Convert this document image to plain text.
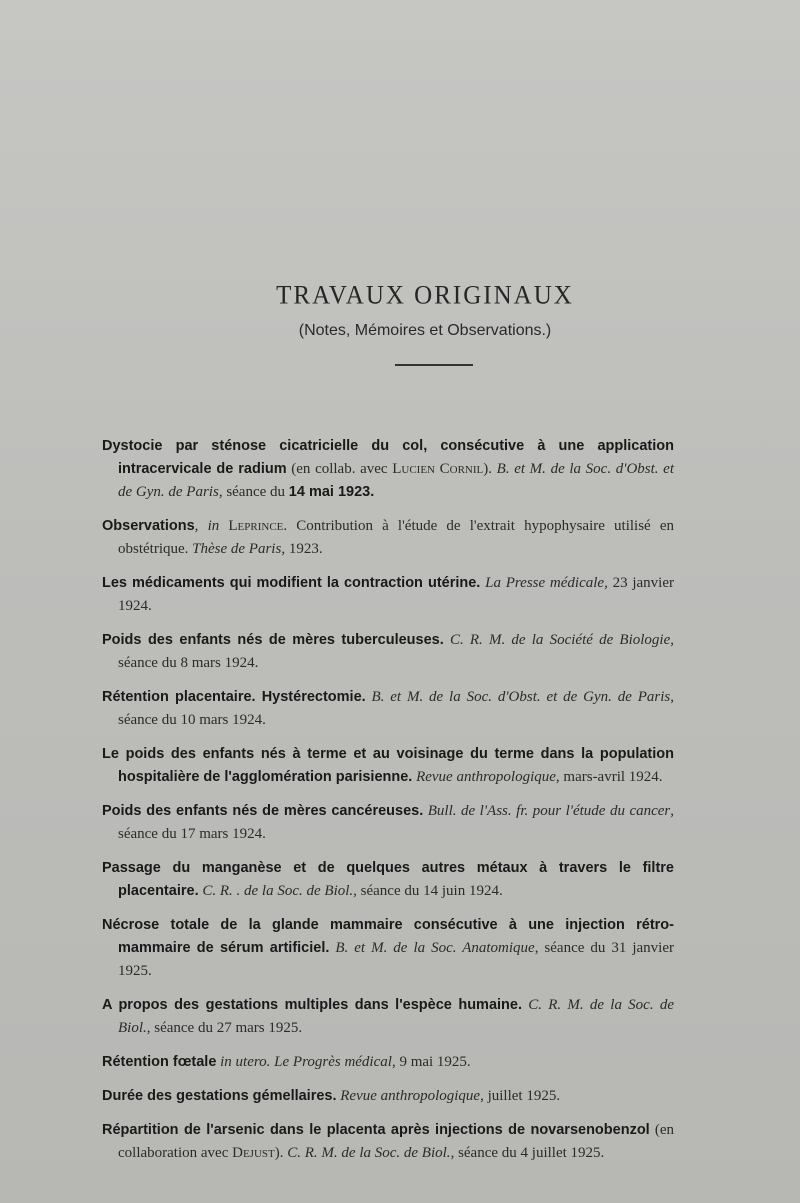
TRAVAUX ORIGINAUX
(Notes, Mémoires et Observations.)

Dystocie par sténose cicatricielle du col, consécutive à une application intracervicale de radium (en collab. avec Lucien Cornil). B. et M. de la Soc. d'Obst. et de Gyn. de Paris, séance du 14 mai 1923.

Observations, in Leprince. Contribution à l'étude de l'extrait hypophysaire utilisé en obstétrique. Thèse de Paris, 1923.

Les médicaments qui modifient la contraction utérine. La Presse médicale, 23 janvier 1924.

Poids des enfants nés de mères tuberculeuses. C. R. M. de la Société de Biologie, séance du 8 mars 1924.

Rétention placentaire. Hystérectomie. B. et M. de la Soc. d'Obst. et de Gyn. de Paris, séance du 10 mars 1924.

Le poids des enfants nés à terme et au voisinage du terme dans la population hospitalière de l'agglomération parisienne. Revue anthropologique, mars-avril 1924.

Poids des enfants nés de mères cancéreuses. Bull. de l'Ass. fr. pour l'étude du cancer, séance du 17 mars 1924.

Passage du manganèse et de quelques autres métaux à travers le filtre placentaire. C. R. . de la Soc. de Biol., séance du 14 juin 1924.

Nécrose totale de la glande mammaire consécutive à une injection rétro-mammaire de sérum artificiel. B. et M. de la Soc. Anatomique, séance du 31 janvier 1925.

A propos des gestations multiples dans l'espèce humaine. C. R. M. de la Soc. de Biol., séance du 27 mars 1925.

Rétention fœtale in utero. Le Progrès médical, 9 mai 1925.

Durée des gestations gémellaires. Revue anthropologique, juillet 1925.

Répartition de l'arsenic dans le placenta après injections de novarsenobenzol (en collaboration avec Dejust). C. R. M. de la Soc. de Biol., séance du 4 juillet 1925.
